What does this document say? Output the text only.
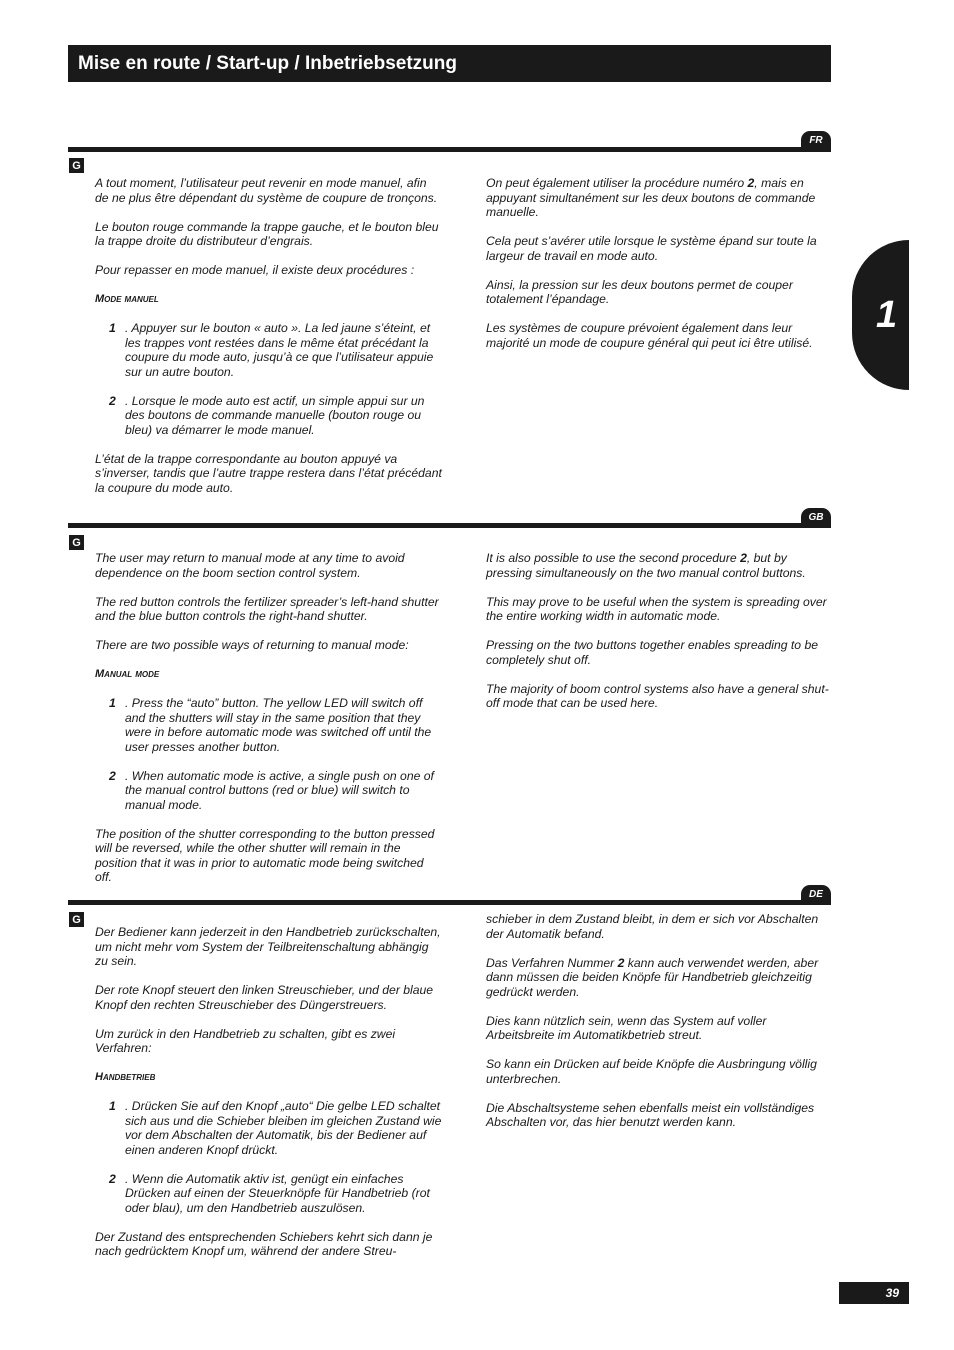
Mise en route / Start-up / Inbetriebsetzung
1
FR
G

A tout moment, l’utilisateur peut revenir en mode manuel, afin de ne plus être dépendant du système de coupure de tronçons.

Le bouton rouge commande la trappe gauche, et le bouton bleu la trappe droite du distributeur d’engrais.

Pour repasser en mode manuel, il existe deux procédures :

Mode manuel
1 . Appuyer sur le bouton « auto ». La led jaune s’éteint, et les trappes vont restées dans le même état précédant la coupure du mode auto, jusqu’à ce que l’utilisateur appuie sur un autre bouton.
2 . Lorsque le mode auto est actif, un simple appui sur un des boutons de commande manuelle (bouton rouge ou bleu) va démarrer le mode manuel.

L’état de la trappe correspondante au bouton appuyé va s’inverser, tandis que l’autre trappe restera dans l’état précédant la coupure du mode auto.

On peut également utiliser la procédure numéro 2, mais en appuyant simultanément sur les deux boutons de commande manuelle.

Cela peut s’avérer utile lorsque le système épand sur toute la largeur de travail en mode auto.

Ainsi, la pression sur les deux boutons permet de couper totalement l’épandage.

Les systèmes de coupure prévoient également dans leur majorité un mode de coupure général qui peut ici être utilisé.

GB
G

The user may return to manual mode at any time to avoid dependence on the boom section control system.

The red button controls the fertilizer spreader’s left-hand shutter and the blue button controls the right-hand shutter.

There are two possible ways of returning to manual mode:

Manual mode
1 . Press the “auto” button. The yellow LED will switch off and the shutters will stay in the same position that they were in before automatic mode was switched off until the user presses another button.
2 . When automatic mode is active, a single push on one of the manual control buttons (red or blue) will switch to manual mode.

The position of the shutter corresponding to the button pressed will be reversed, while the other shutter will remain in the position that it was in prior to automatic mode being switched off.

It is also possible to use the second procedure 2, but by pressing simultaneously on the two manual control buttons.

This may prove to be useful when the system is spreading over the entire working width in automatic mode.

Pressing on the two buttons together enables spreading to be completely shut off.

The majority of boom control systems also have a general shut-off mode that can be used here.

DE
G

Der Bediener kann jederzeit in den Handbetrieb zurückschalten, um nicht mehr vom System der Teilbreitenschaltung abhängig zu sein.

Der rote Knopf steuert den linken Streuschieber, und der blaue Knopf den rechten Streuschieber des Düngerstreuers.

Um zurück in den Handbetrieb zu schalten, gibt es zwei Verfahren:

Handbetrieb
1 . Drücken Sie auf den Knopf „auto“ Die gelbe LED schaltet sich aus und die Schieber bleiben im gleichen Zustand wie vor dem Abschalten der Automatik, bis der Bediener auf einen anderen Knopf drückt.
2 . Wenn die Automatik aktiv ist, genügt ein einfaches Drücken auf einen der Steuerknöpfe für Handbetrieb (rot oder blau), um den Handbetrieb auszulösen.

Der Zustand des entsprechenden Schiebers kehrt sich dann je nach gedrücktem Knopf um, während der andere Streu-

schieber in dem Zustand bleibt, in dem er sich vor Abschalten der Automatik befand.

Das Verfahren Nummer 2 kann auch verwendet werden, aber dann müssen die beiden Knöpfe für Handbetrieb gleichzeitig gedrückt werden.

Dies kann nützlich sein, wenn das System auf voller Arbeitsbreite im Automatikbetrieb streut.

So kann ein Drücken auf beide Knöpfe die Ausbringung völlig unterbrechen.

Die Abschaltsysteme sehen ebenfalls meist ein vollständiges Abschalten vor, das hier benutzt werden kann.

39
